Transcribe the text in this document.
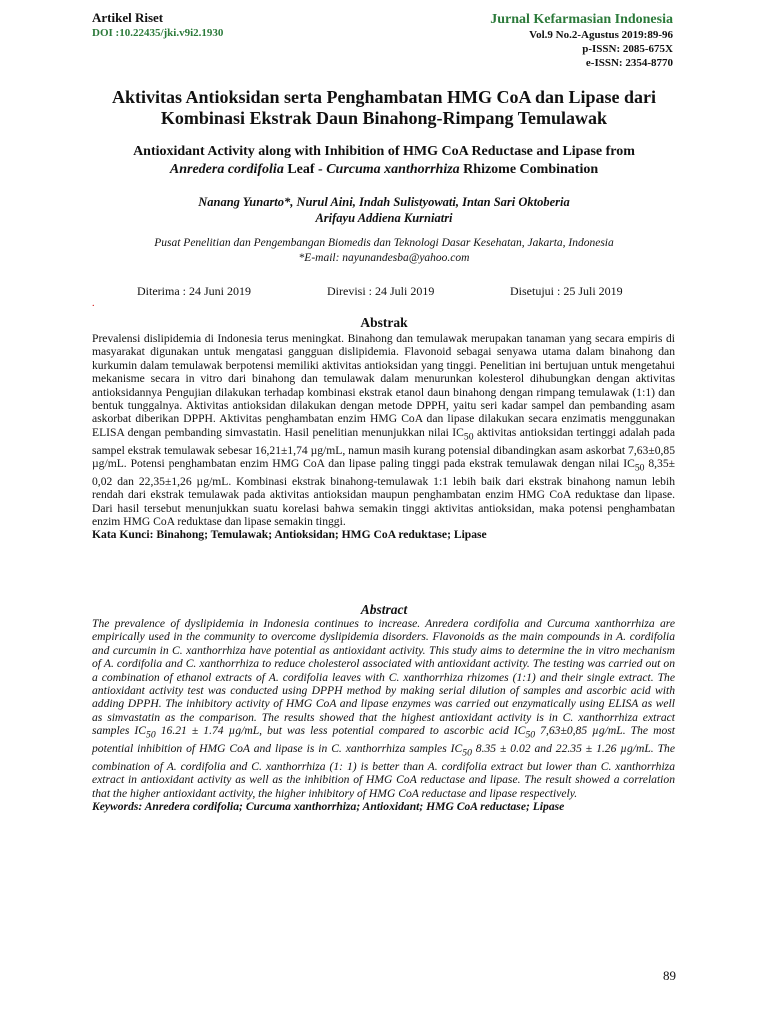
Artikel Riset
DOI :10.22435/jki.v9i2.1930
Jurnal Kefarmasian Indonesia
Vol.9 No.2-Agustus 2019:89-96
p-ISSN: 2085-675X
e-ISSN: 2354-8770
Aktivitas Antioksidan serta Penghambatan HMG CoA dan Lipase dari Kombinasi Ekstrak Daun Binahong-Rimpang Temulawak
Antioxidant Activity along with Inhibition of HMG CoA Reductase and Lipase from
Anredera cordifolia Leaf - Curcuma xanthorrhiza Rhizome Combination
Nanang Yunarto*, Nurul Aini, Indah Sulistyowati, Intan Sari Oktoberia
Arifayu Addiena Kurniatri
Pusat Penelitian dan Pengembangan Biomedis dan Teknologi Dasar Kesehatan, Jakarta, Indonesia
*E-mail: nayunandesba@yahoo.com
Diterima : 24 Juni 2019	Direvisi : 24 Juli 2019	Disetujui : 25 Juli 2019
.
Abstrak
Prevalensi dislipidemia di Indonesia terus meningkat. Binahong dan temulawak merupakan tanaman yang secara empiris di masyarakat digunakan untuk mengatasi gangguan dislipidemia. Flavonoid sebagai senyawa utama dalam binahong dan kurkumin dalam temulawak berpotensi memiliki aktivitas antioksidan yang tinggi. Penelitian ini bertujuan untuk mengetahui mekanisme secara in vitro dari binahong dan temulawak dalam menurunkan kolesterol dihubungkan dengan aktivitas antioksidannya Pengujian dilakukan terhadap kombinasi ekstrak etanol daun binahong dengan rimpang temulawak (1:1) dan bentuk tunggalnya. Aktivitas antioksidan dilakukan dengan metode DPPH, yaitu seri kadar sampel dan pembanding asam askorbat diberikan DPPH. Aktivitas penghambatan enzim HMG CoA dan lipase dilakukan secara enzimatis menggunakan ELISA dengan pembanding simvastatin. Hasil penelitian menunjukkan nilai $IC_{50}$ aktivitas antioksidan tertinggi adalah pada sampel ekstrak temulawak sebesar 16,21±1,74 µg/mL, namun masih kurang potensial dibandingkan asam askorbat 7,63±0,85 µg/mL. Potensi penghambatan enzim HMG CoA dan lipase paling tinggi pada ekstrak temulawak dengan nilai $IC_{50}$ 8,35± 0,02 dan 22,35±1,26 µg/mL. Kombinasi ekstrak binahong-temulawak 1:1 lebih baik dari ekstrak binahong namun lebih rendah dari ekstrak temulawak pada aktivitas antioksidan maupun penghambatan enzim HMG CoA reduktase dan lipase. Dari hasil tersebut menunjukkan suatu korelasi bahwa semakin tinggi aktivitas antioksidan, maka potensi penghambatan enzim HMG CoA reduktase dan lipase semakin tinggi.
Kata Kunci: Binahong; Temulawak; Antioksidan; HMG CoA reduktase; Lipase
Abstract
The prevalence of dyslipidemia in Indonesia continues to increase. Anredera cordifolia and Curcuma xanthorrhiza are empirically used in the community to overcome dyslipidemia disorders. Flavonoids as the main compounds in A. cordifolia and curcumin in C. xanthorrhiza have potential as antioxidant activity. This study aims to determine the in vitro mechanism of A. cordifolia and C. xanthorrhiza to reduce cholesterol associated with antioxidant activity. The testing was carried out on a combination of ethanol extracts of A. cordifolia leaves with C. xanthorrhiza rhizomes (1:1) and their single extract. The antioxidant activity test was conducted using DPPH method by making serial dilution of samples and ascorbic acid with adding DPPH. The inhibitory activity of HMG CoA and lipase enzymes was carried out enzymatically using ELISA as well as simvastatin as the comparison. The results showed that the highest antioxidant activity is in C. xanthorrhiza extract samples $IC_{50}$ 16.21 ± 1.74 µg/mL, but was less potential compared to ascorbic acid $IC_{50}$ 7,63±0,85 µg/mL. The most potential inhibition of HMG CoA and lipase is in C. xanthorrhiza samples $IC_{50}$ 8.35 ± 0.02 and 22.35 ± 1.26 µg/mL. The combination of A. cordifolia and C. xanthorrhiza (1: 1) is better than A. cordifolia extract but lower than C. xanthorrhiza extract in antioxidant activity as well as the inhibition of HMG CoA reductase and lipase. The result showed a correlation that the higher antioxidant activity, the higher inhibitory of HMG CoA reductase and lipase respectively.
Keywords: Anredera cordifolia; Curcuma xanthorrhiza; Antioxidant; HMG CoA reductase; Lipase
89
